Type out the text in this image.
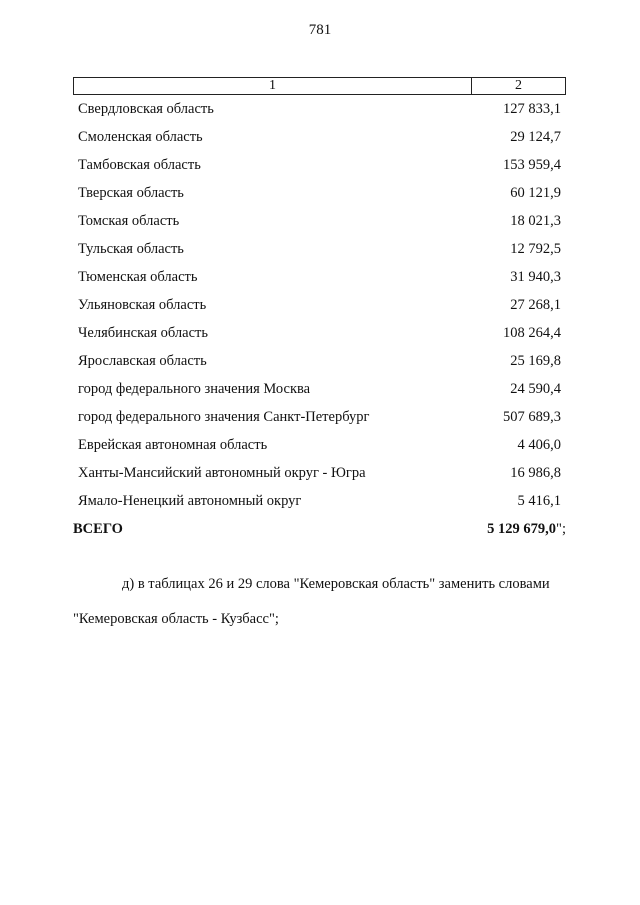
781
1	2
Свердловская область	127 833,1
Смоленская область	29 124,7
Тамбовская область	153 959,4
Тверская область	60 121,9
Томская область	18 021,3
Тульская область	12 792,5
Тюменская область	31 940,3
Ульяновская область	27 268,1
Челябинская область	108 264,4
Ярославская область	25 169,8
город федерального значения Москва	24 590,4
город федерального значения Санкт-Петербург	507 689,3
Еврейская автономная область	4 406,0
Ханты-Мансийский автономный округ - Югра	16 986,8
Ямало-Ненецкий автономный округ	5 416,1
ВСЕГО	5 129 679,0";
д) в таблицах 26 и 29 слова "Кемеровская область" заменить словами
"Кемеровская область - Кузбасс";
